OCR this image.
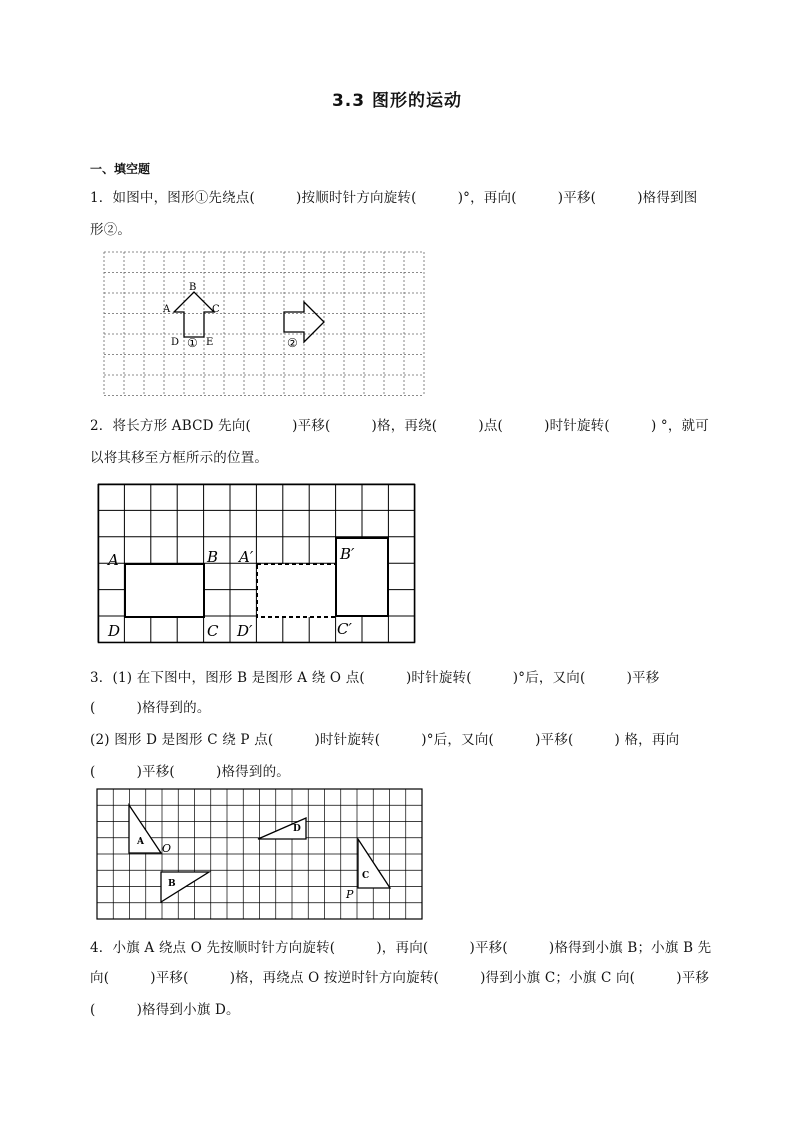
3.3 图形的运动
一、填空题
1．如图中，图形①先绕点(　　　)按顺时针方向旋转(　　　)°，再向(　　　)平移(　　　)格得到图
形②。
B
A	C
D	E
①	②
2．将长方形 ABCD 先向(　　　)平移(　　　)格，再绕(　　　)点(　　　)时针旋转(　　　) °，就可
以将其移至方框所示的位置。
A	B
C
D
A′	B′
C′
D′
3．(1) 在下图中，图形 B 是图形 A 绕 O 点(　　　)时针旋转(　　　)°后，又向(　　　)平移
(　　　)格得到的。
(2) 图形 D 是图形 C 绕 P 点(　　　)时针旋转(　　　)°后，又向(　　　)平移(　　　) 格，再向
(　　　)平移(　　　)格得到的。
A
B
C
D
O
P
4．小旗 A 绕点 O 先按顺时针方向旋转(　　　)，再向(　　　)平移(　　　)格得到小旗 B；小旗 B 先
向(　　　)平移(　　　)格，再绕点 O 按逆时针方向旋转(　　　)得到小旗 C；小旗 C 向(　　　)平移
(　　　)格得到小旗 D。
